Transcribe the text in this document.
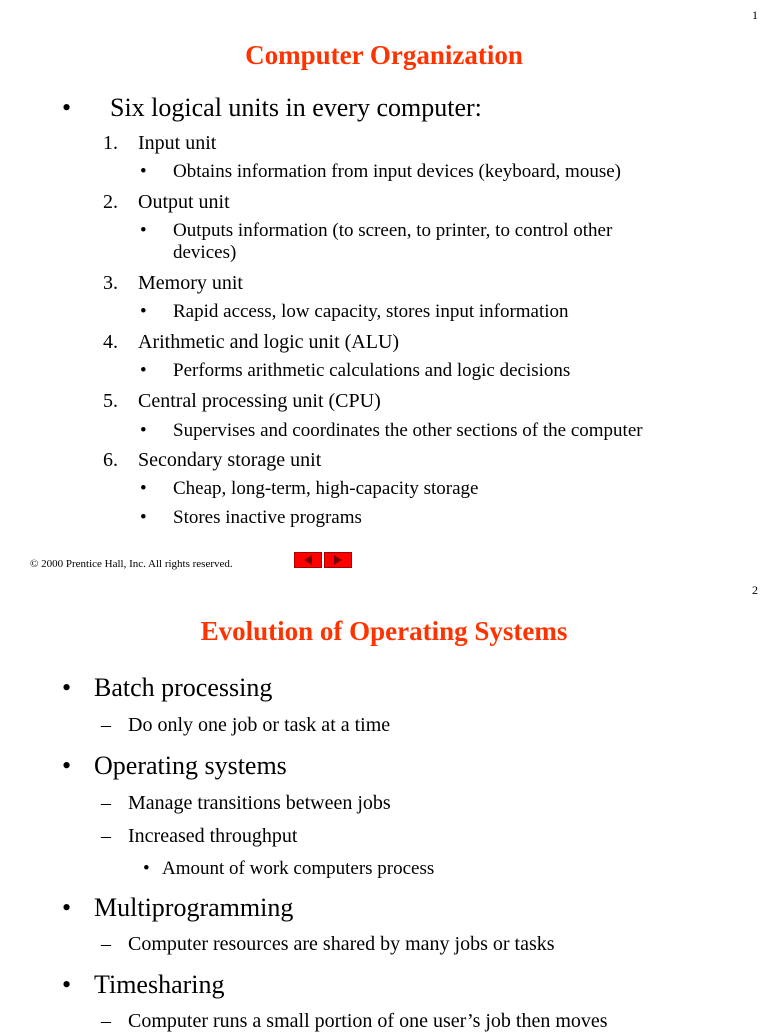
1
Computer Organization
• Six logical units in every computer:
1. Input unit
• Obtains information from input devices (keyboard, mouse)
2. Output unit
• Outputs information (to screen, to printer, to control other
devices)
3. Memory unit
• Rapid access, low capacity, stores input information
4. Arithmetic and logic unit (ALU)
• Performs arithmetic calculations and logic decisions
5. Central processing unit (CPU)
• Supervises and coordinates the other sections of the computer
6. Secondary storage unit
• Cheap, long-term, high-capacity storage
• Stores inactive programs
© 2000 Prentice Hall, Inc. All rights reserved.
2
Evolution of Operating Systems
• Batch processing
– Do only one job or task at a time
• Operating systems
– Manage transitions between jobs
– Increased throughput
• Amount of work computers process
• Multiprogramming
– Computer resources are shared by many jobs or tasks
• Timesharing
– Computer runs a small portion of one user’s job then moves
